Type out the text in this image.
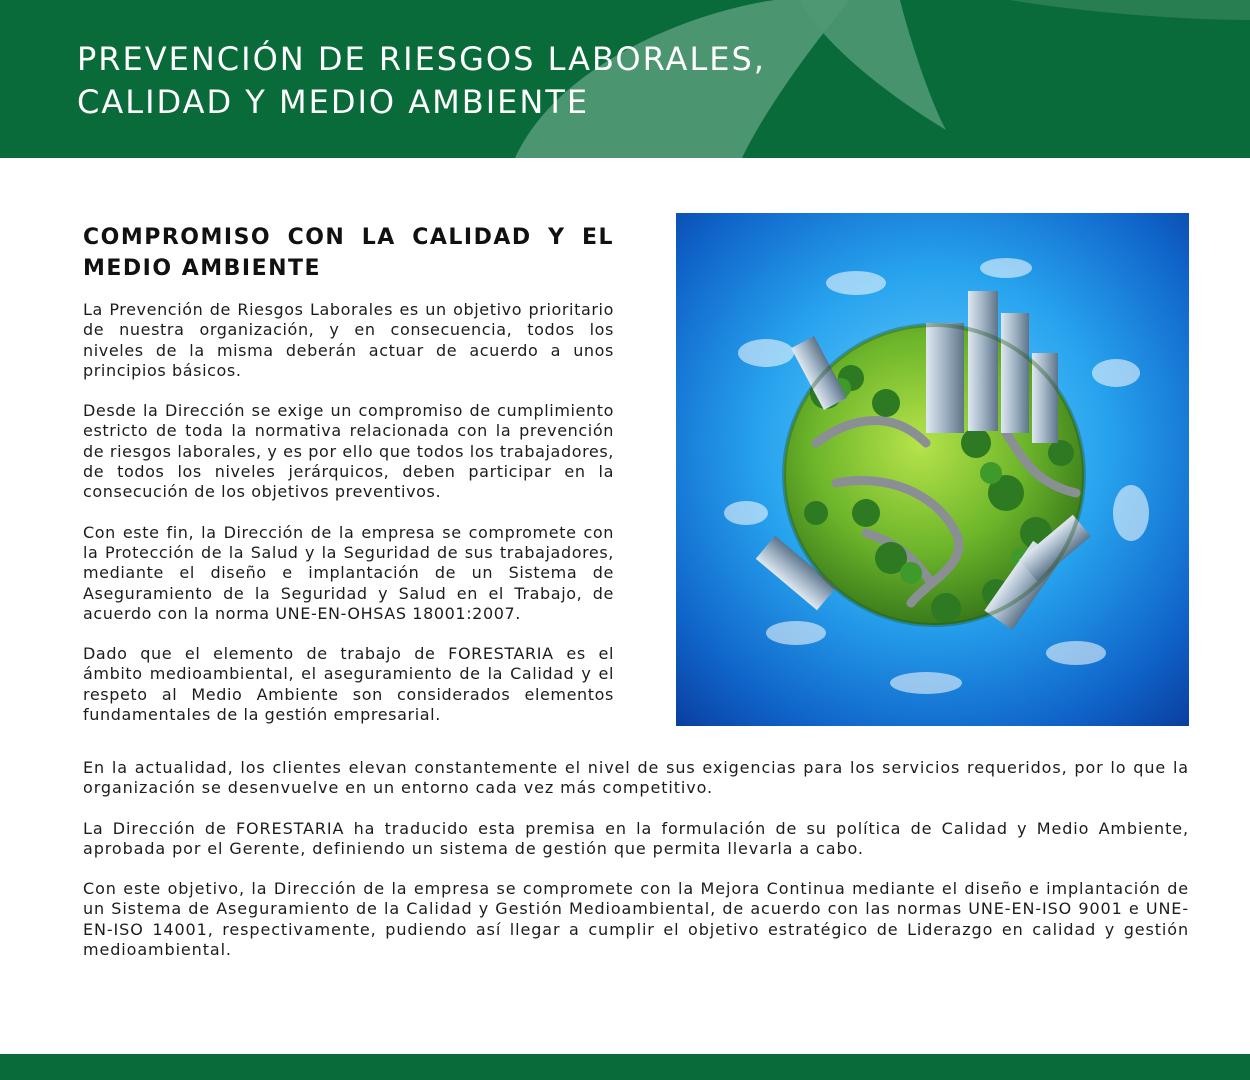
PREVENCIÓN DE RIESGOS LABORALES,
CALIDAD Y MEDIO AMBIENTE
COMPROMISO CON LA CALIDAD Y EL MEDIO AMBIENTE

La Prevención de Riesgos Laborales es un objetivo prioritario de nuestra organización, y en consecuencia, todos los niveles de la misma deberán actuar de acuerdo a unos principios básicos.

Desde la Dirección se exige un compromiso de cumplimiento estricto de toda la normativa relacionada con la prevención de riesgos laborales, y es por ello que todos los trabajadores, de todos los niveles jerárquicos, deben participar en la consecución de los objetivos preventivos.

Con este fin, la Dirección de la empresa se compromete con la Protección de la Salud y la Seguridad de sus trabajadores, mediante el diseño e implantación de un Sistema de Aseguramiento de la Seguridad y Salud en el Trabajo, de acuerdo con la norma UNE-EN-OHSAS 18001:2007.

Dado que el elemento de trabajo de FORESTARIA es el ámbito medioambiental, el aseguramiento de la Calidad y el respeto al Medio Ambiente son considerados elementos fundamentales de la gestión empresarial.

En la actualidad, los clientes elevan constantemente el nivel de sus exigencias para los servicios requeridos, por lo que la organización se desenvuelve en un entorno cada vez más competitivo.

La Dirección de FORESTARIA ha traducido esta premisa en la formulación de su política de Calidad y Medio Ambiente, aprobada por el Gerente, definiendo un sistema de gestión que permita llevarla a cabo.

Con este objetivo, la Dirección de la empresa se compromete con la Mejora Continua mediante el diseño e implantación de un Sistema de Aseguramiento de la Calidad y Gestión Medioambiental, de acuerdo con las normas UNE-EN-ISO 9001 e UNE-EN-ISO 14001, respectivamente, pudiendo así llegar a cumplir el objetivo estratégico de Liderazgo en calidad y gestión medioambiental.
